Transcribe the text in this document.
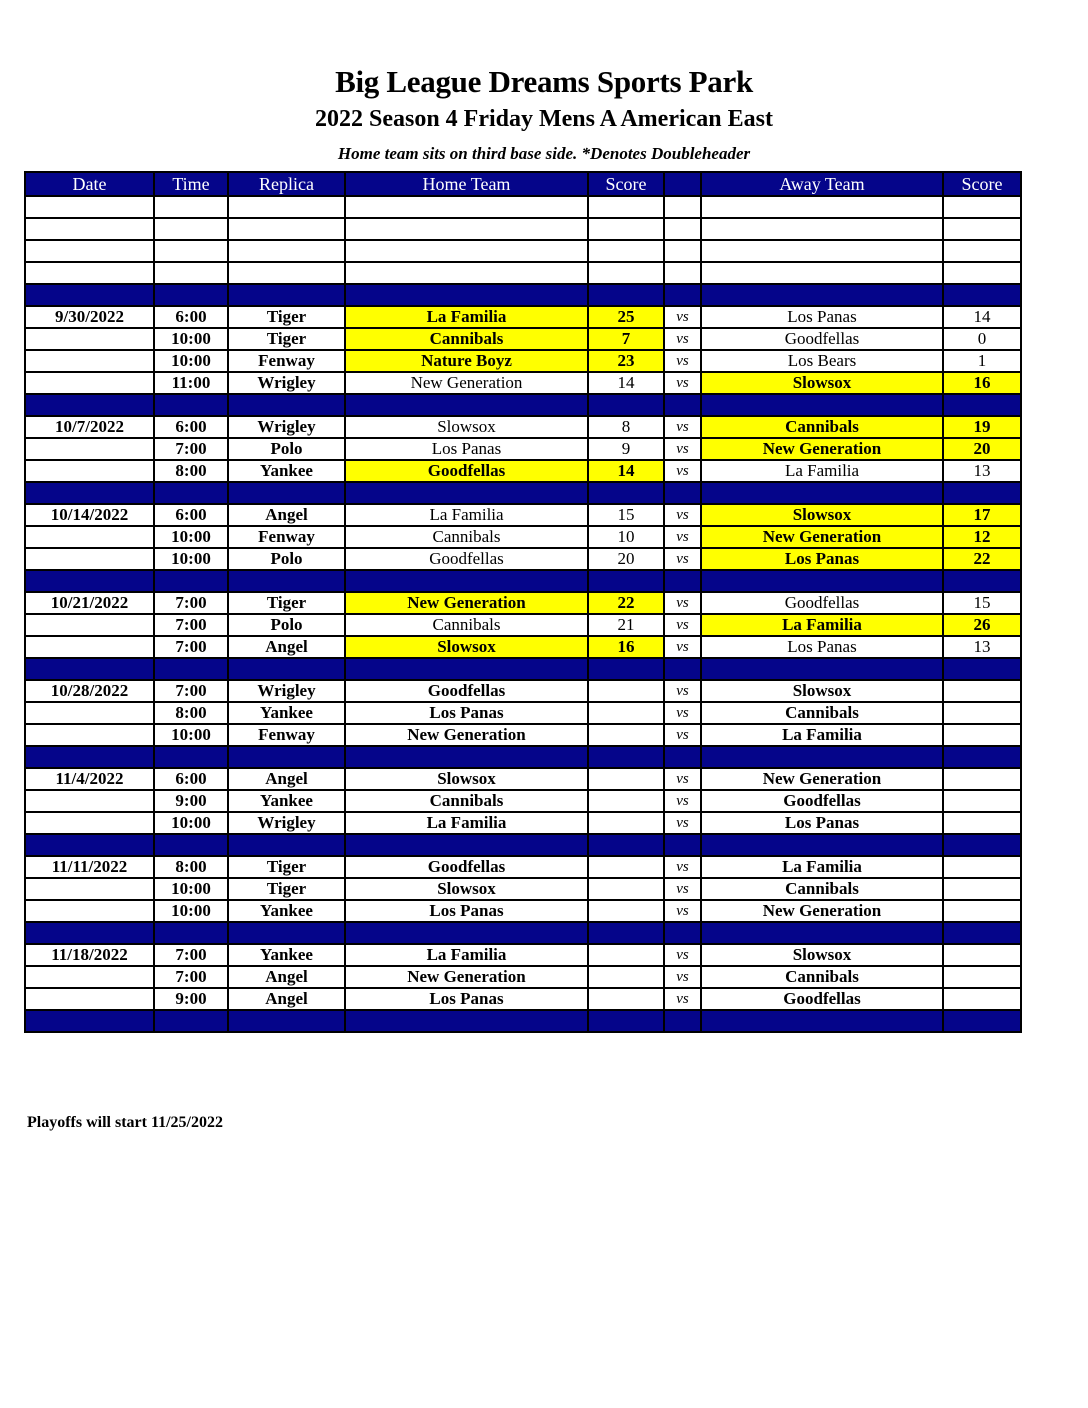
Big League Dreams Sports Park
2022 Season 4 Friday Mens A American East
Home team sits on third base side. *Denotes Doubleheader
Date	Time	Replica	Home Team	Score		Away Team	Score

9/30/2022	6:00	Tiger	La Familia	25	vs	Los Panas	14
	10:00	Tiger	Cannibals	7	vs	Goodfellas	0
	10:00	Fenway	Nature Boyz	23	vs	Los Bears	1
	11:00	Wrigley	New Generation	14	vs	Slowsox	16

10/7/2022	6:00	Wrigley	Slowsox	8	vs	Cannibals	19
	7:00	Polo	Los Panas	9	vs	New Generation	20
	8:00	Yankee	Goodfellas	14	vs	La Familia	13

10/14/2022	6:00	Angel	La Familia	15	vs	Slowsox	17
	10:00	Fenway	Cannibals	10	vs	New Generation	12
	10:00	Polo	Goodfellas	20	vs	Los Panas	22

10/21/2022	7:00	Tiger	New Generation	22	vs	Goodfellas	15
	7:00	Polo	Cannibals	21	vs	La Familia	26
	7:00	Angel	Slowsox	16	vs	Los Panas	13

10/28/2022	7:00	Wrigley	Goodfellas		vs	Slowsox	
	8:00	Yankee	Los Panas		vs	Cannibals	
	10:00	Fenway	New Generation		vs	La Familia	

11/4/2022	6:00	Angel	Slowsox		vs	New Generation	
	9:00	Yankee	Cannibals		vs	Goodfellas	
	10:00	Wrigley	La Familia		vs	Los Panas	

11/11/2022	8:00	Tiger	Goodfellas		vs	La Familia	
	10:00	Tiger	Slowsox		vs	Cannibals	
	10:00	Yankee	Los Panas		vs	New Generation	

11/18/2022	7:00	Yankee	La Familia		vs	Slowsox	
	7:00	Angel	New Generation		vs	Cannibals	
	9:00	Angel	Los Panas		vs	Goodfellas	

Playoffs will start 11/25/2022
